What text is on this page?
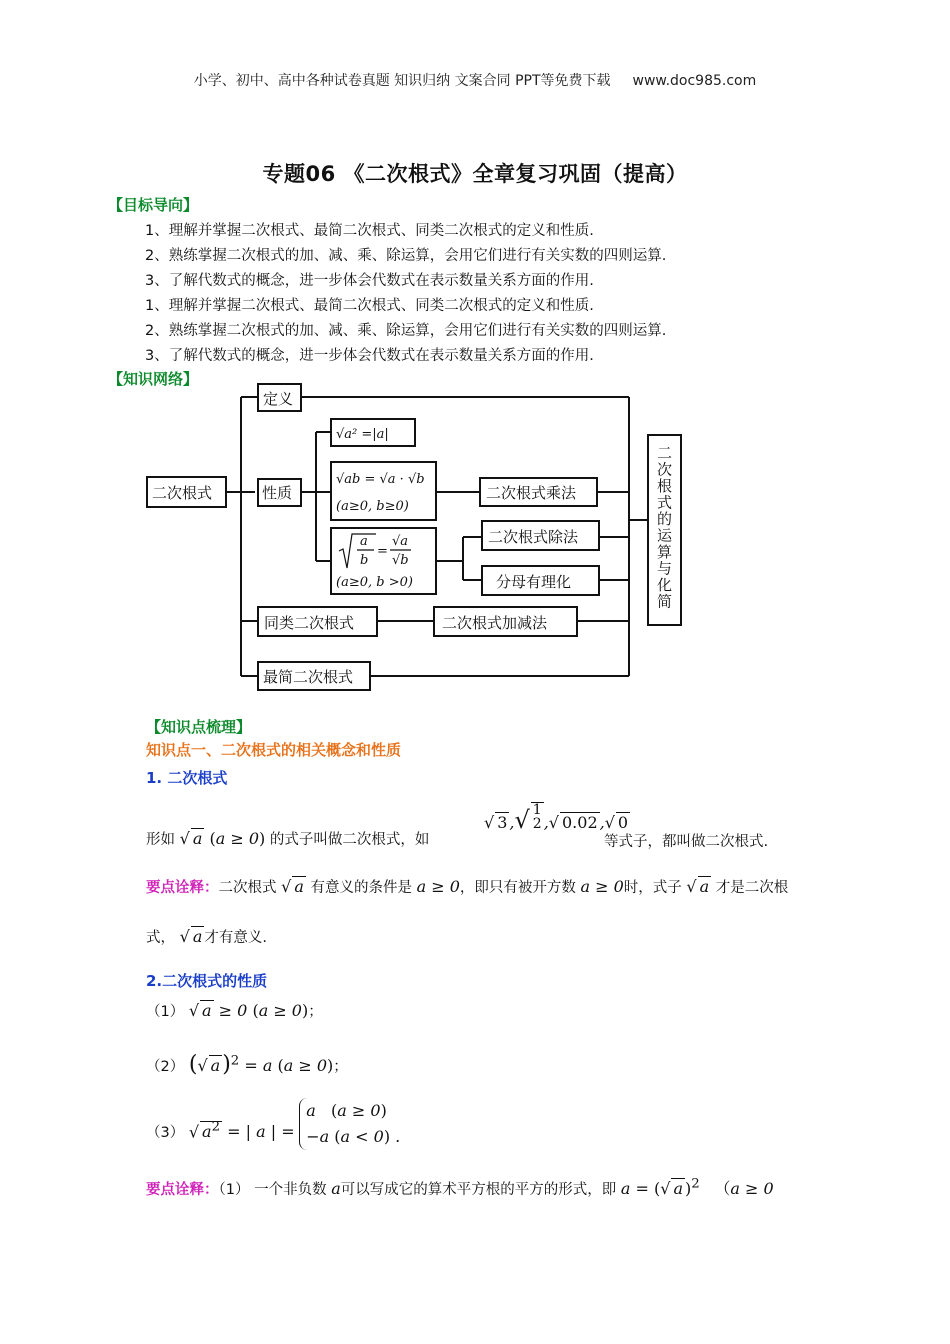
小学、初中、高中各种试卷真题 知识归纳 文案合同 PPT等免费下载 www.doc985.com
专题06 《二次根式》全章复习巩固（提高）
【目标导向】
1、理解并掌握二次根式、最简二次根式、同类二次根式的定义和性质.
2、熟练掌握二次根式的加、减、乘、除运算，会用它们进行有关实数的四则运算.
3、了解代数式的概念，进一步体会代数式在表示数量关系方面的作用.
1、理解并掌握二次根式、最简二次根式、同类二次根式的定义和性质.
2、熟练掌握二次根式的加、减、乘、除运算，会用它们进行有关实数的四则运算.
3、了解代数式的概念，进一步体会代数式在表示数量关系方面的作用.
【知识网络】
二次根式
定义
性质
√a² =|a|
√ab = √a · √b
(a≥0, b≥0)
a
b
=
√a
√b
(a≥0, b >0)
二次根式乘法
二次根式除法
分母有理化
同类二次根式	二次根式加减法
最简二次根式
二
次
根
式
的
运
算
与
化
简
【知识点梳理】
知识点一、二次根式的相关概念和性质
1. 二次根式
形如 √ a (a ≥ 0) 的式子叫做二次根式，如
√ 3 ,√ 1
2 ,√ 0.02 ,√ 0
等式子，都叫做二次根式.
要点诠释：二次根式 √ a 有意义的条件是 a ≥ 0，即只有被开方数 a ≥ 0时，式子 √ a 才是二次根
式， √ a 才有意义.
2.二次根式的性质
（1） √ a ≥ 0 (a ≥ 0)；
（2） (√ a)$^2$ = a (a ≥ 0)；
（3） √ $a^2$ = | a | = a   (a ≥ 0)
−a (a < 0) .
要点诠释：（1） 一个非负数 a可以写成它的算术平方根的平方的形式，即 a = (√ a )$^2$ （a ≥ 0
